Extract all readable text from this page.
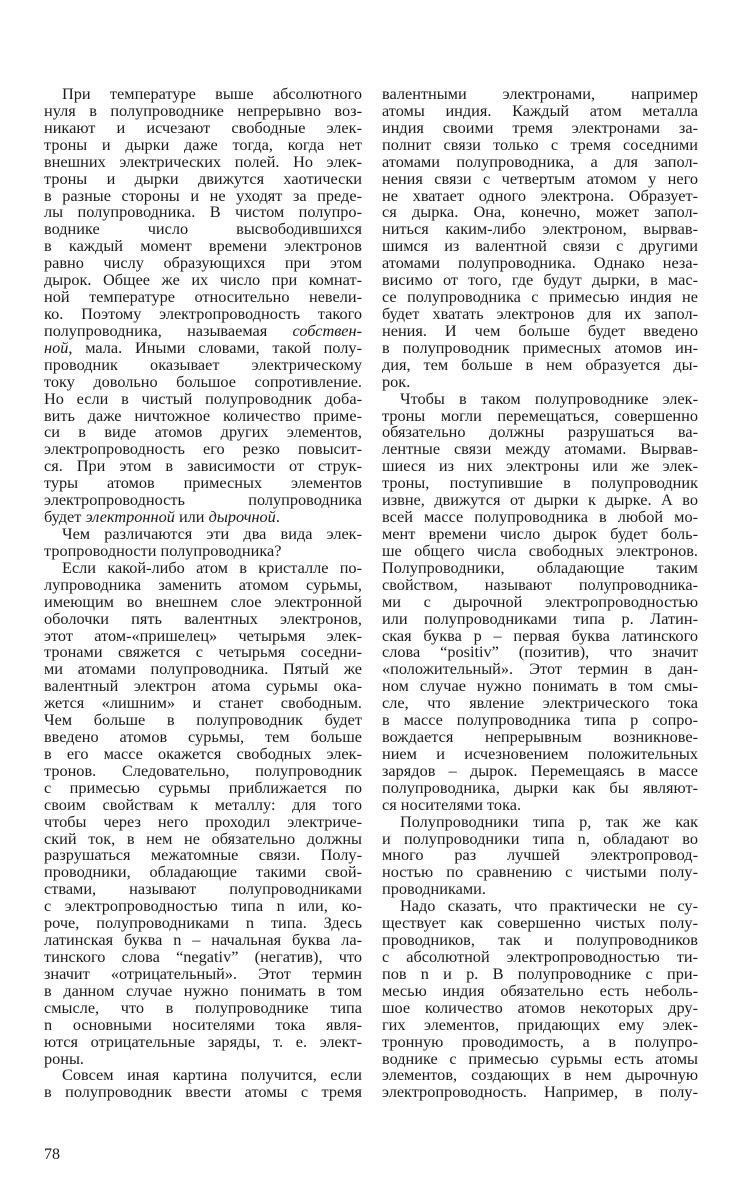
При температуре выше абсолютного
нуля в полупроводнике непрерывно воз-
никают и исчезают свободные элек-
троны и дырки даже тогда, когда нет
внешних электрических полей. Но элек-
троны и дырки движутся хаотически
в разные стороны и не уходят за преде-
лы полупроводника. В чистом полупро-
воднике число высвободившихся
в каждый момент времени электронов
равно числу образующихся при этом
дырок. Общее же их число при комнат-
ной температуре относительно невели-
ко. Поэтому электропроводность такого
полупроводника, называемая собствен-
ной, мала. Иными словами, такой полу-
проводник оказывает электрическому
току довольно большое сопротивление.
Но если в чистый полупроводник доба-
вить даже ничтожное количество приме-
си в виде атомов других элементов,
электропроводность его резко повысит-
ся. При этом в зависимости от струк-
туры атомов примесных элементов
электропроводность полупроводника
будет электронной или дырочной.
Чем различаются эти два вида элек-
тропроводности полупроводника?
Если какой-либо атом в кристалле по-
лупроводника заменить атомом сурьмы,
имеющим во внешнем слое электронной
оболочки пять валентных электронов,
этот атом-«пришелец» четырьмя элек-
тронами свяжется с четырьмя соседни-
ми атомами полупроводника. Пятый же
валентный электрон атома сурьмы ока-
жется «лишним» и станет свободным.
Чем больше в полупроводник будет
введено атомов сурьмы, тем больше
в его массе окажется свободных элек-
тронов. Следовательно, полупроводник
с примесью сурьмы приближается по
своим свойствам к металлу: для того
чтобы через него проходил электриче-
ский ток, в нем не обязательно должны
разрушаться межатомные связи. Полу-
проводники, обладающие такими свой-
ствами, называют полупроводниками
с электропроводностью типа n или, ко-
роче, полупроводниками n типа. Здесь
латинская буква n – начальная буква ла-
тинского слова “negativ” (негатив), что
значит «отрицательный». Этот термин
в данном случае нужно понимать в том
смысле, что в полупроводнике типа
n основными носителями тока явля-
ются отрицательные заряды, т. е. элект-
роны.
Совсем иная картина получится, если
в полупроводник ввести атомы с тремя
валентными электронами, например
атомы индия. Каждый атом металла
индия своими тремя электронами за-
полнит связи только с тремя соседними
атомами полупроводника, а для запол-
нения связи с четвертым атомом у него
не хватает одного электрона. Образует-
ся дырка. Она, конечно, может запол-
ниться каким-либо электроном, вырвав-
шимся из валентной связи с другими
атомами полупроводника. Однако неза-
висимо от того, где будут дырки, в мас-
се полупроводника с примесью индия не
будет хватать электронов для их запол-
нения. И чем больше будет введено
в полупроводник примесных атомов ин-
дия, тем больше в нем образуется ды-
рок.
Чтобы в таком полупроводнике элек-
троны могли перемещаться, совершенно
обязательно должны разрушаться ва-
лентные связи между атомами. Вырвав-
шиеся из них электроны или же элек-
троны, поступившие в полупроводник
извне, движутся от дырки к дырке. А во
всей массе полупроводника в любой мо-
мент времени число дырок будет боль-
ше общего числа свободных электронов.
Полупроводники, обладающие таким
свойством, называют полупроводника-
ми с дырочной электропроводностью
или полупроводниками типа p. Латин-
ская буква p – первая буква латинского
слова “positiv” (позитив), что значит
«положительный». Этот термин в дан-
ном случае нужно понимать в том смы-
сле, что явление электрического тока
в массе полупроводника типа p сопро-
вождается непрерывным возникнове-
нием и исчезновением положительных
зарядов – дырок. Перемещаясь в массе
полупроводника, дырки как бы являют-
ся носителями тока.
Полупроводники типа p, так же как
и полупроводники типа n, обладают во
много раз лучшей электропровод-
ностью по сравнению с чистыми полу-
проводниками.
Надо сказать, что практически не су-
ществует как совершенно чистых полу-
проводников, так и полупроводников
с абсолютной электропроводностью ти-
пов n и p. В полупроводнике с при-
месью индия обязательно есть неболь-
шое количество атомов некоторых дру-
гих элементов, придающих ему элек-
тронную проводимость, а в полупро-
воднике с примесью сурьмы есть атомы
элементов, создающих в нем дырочную
электропроводность. Например, в полу-
78
